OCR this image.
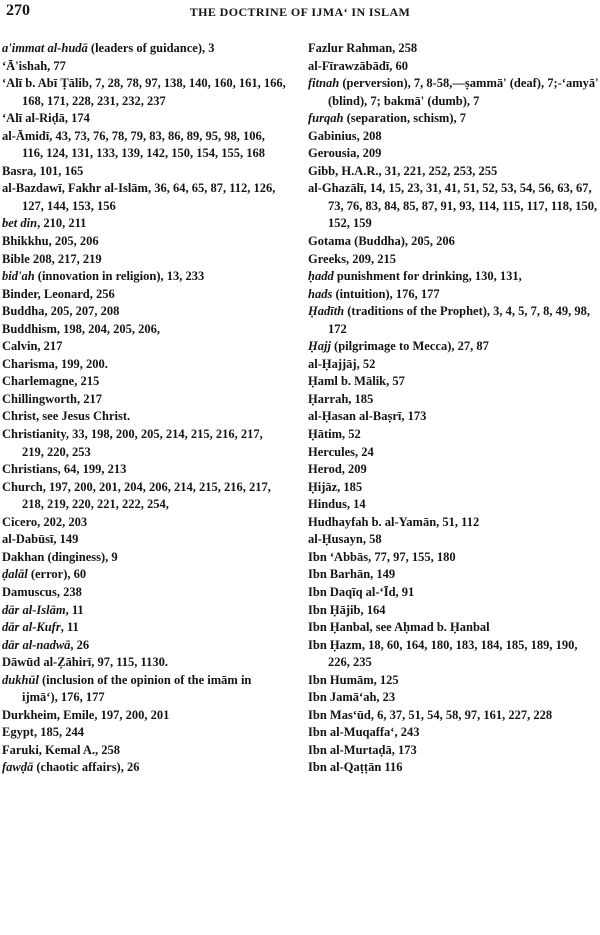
270	THE DOCTRINE OF IJMA‘ IN ISLAM

a'immat al-hudā (leaders of guidance), 3

‘Ā'ishah, 77

‘Alī b. Abī Ṭālib, 7, 28, 78, 97, 138, 140, 160, 161, 166, 168, 171, 228, 231, 232, 237

‘Alī al-Riḍā, 174

al-Āmidī, 43, 73, 76, 78, 79, 83, 86, 89, 95, 98, 106, 116, 124, 131, 133, 139, 142, 150, 154, 155, 168

Basra, 101, 165

al-Bazdawī, Fakhr al-Islām, 36, 64, 65, 87, 112, 126, 127, 144, 153, 156

bet din, 210, 211

Bhikkhu, 205, 206

Bible 208, 217, 219

bid'ah (innovation in religion), 13, 233

Binder, Leonard, 256

Buddha, 205, 207, 208

Buddhism, 198, 204, 205, 206,

Calvin, 217

Charisma, 199, 200.

Charlemagne, 215

Chillingworth, 217

Christ, see Jesus Christ.

Christianity, 33, 198, 200, 205, 214, 215, 216, 217, 219, 220, 253

Christians, 64, 199, 213

Church, 197, 200, 201, 204, 206, 214, 215, 216, 217, 218, 219, 220, 221, 222, 254,

Cicero, 202, 203

al-Dabūsī, 149

Dakhan (dinginess), 9

ḍalāl (error), 60

Damuscus, 238

dār al-Islām, 11

dār al-Kufr, 11

dār al-nadwā, 26

Dāwūd al-Ẓāhirī, 97, 115, 1130.

dukhūl (inclusion of the opinion of the imām in ijmā‘), 176, 177

Durkheim, Emile, 197, 200, 201

Egypt, 185, 244

Faruki, Kemal A., 258

fawḍā (chaotic affairs), 26

Fazlur Rahman, 258

al-Fīrawzābādī, 60

fitnah (perversion), 7, 8-58,—ṣammā' (deaf), 7;-‘amyā' (blind), 7; bakmā' (dumb), 7

furqah (separation, schism), 7

Gabinius, 208

Gerousia, 209

Gibb, H.A.R., 31, 221, 252, 253, 255

al-Ghazālī, 14, 15, 23, 31, 41, 51, 52, 53, 54, 56, 63, 67, 73, 76, 83, 84, 85, 87, 91, 93, 114, 115, 117, 118, 150, 152, 159

Gotama (Buddha), 205, 206

Greeks, 209, 215

ḥadd punishment for drinking, 130, 131,

hads (intuition), 176, 177

Ḥadīth (traditions of the Prophet), 3, 4, 5, 7, 8, 49, 98, 172

Ḥajj (pilgrimage to Mecca), 27, 87

al-Ḥajjāj, 52

Ḥaml b. Mālik, 57

Ḥarrah, 185

al-Ḥasan al-Baṣrī, 173

Ḥātim, 52

Hercules, 24

Herod, 209

Ḥijāz, 185

Hindus, 14

Hudhayfah b. al-Yamān, 51, 112

al-Ḥusayn, 58

Ibn ‘Abbās, 77, 97, 155, 180

Ibn Barhān, 149

Ibn Daqīq al-‘Īd, 91

Ibn Ḥājib, 164

Ibn Ḥanbal, see Aḥmad b. Ḥanbal

Ibn Ḥazm, 18, 60, 164, 180, 183, 184, 185, 189, 190, 226, 235

Ibn Humām, 125

Ibn Jamā‘ah, 23

Ibn Mas‘ūd, 6, 37, 51, 54, 58, 97, 161, 227, 228

Ibn al-Muqaffa‘, 243

Ibn al-Murtaḍā, 173

Ibn al-Qaṭṭān 116
